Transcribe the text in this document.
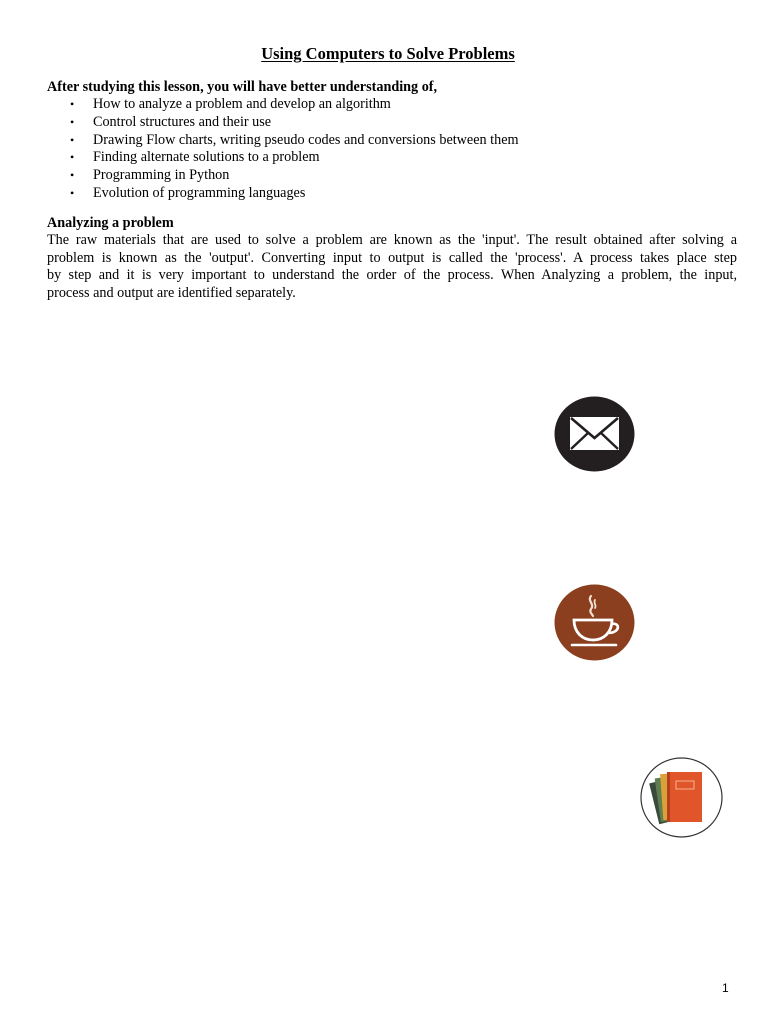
Using Computers to Solve Problems
After studying this lesson, you will have better understanding of,
• How to analyze a problem and develop an algorithm
• Control structures and their use
• Drawing Flow charts, writing pseudo codes and conversions between them
• Finding alternate solutions to a problem
• Programming in Python
• Evolution of programming languages
Analyzing a problem
The raw materials that are used to solve a problem are known as the 'input'. The result obtained after solving a
problem is known as the 'output'. Converting input to output is called the 'process'. A process takes place step
by step and it is very important to understand the order of the process. When Analyzing a problem, the input,
process and output are identified separately.
1
